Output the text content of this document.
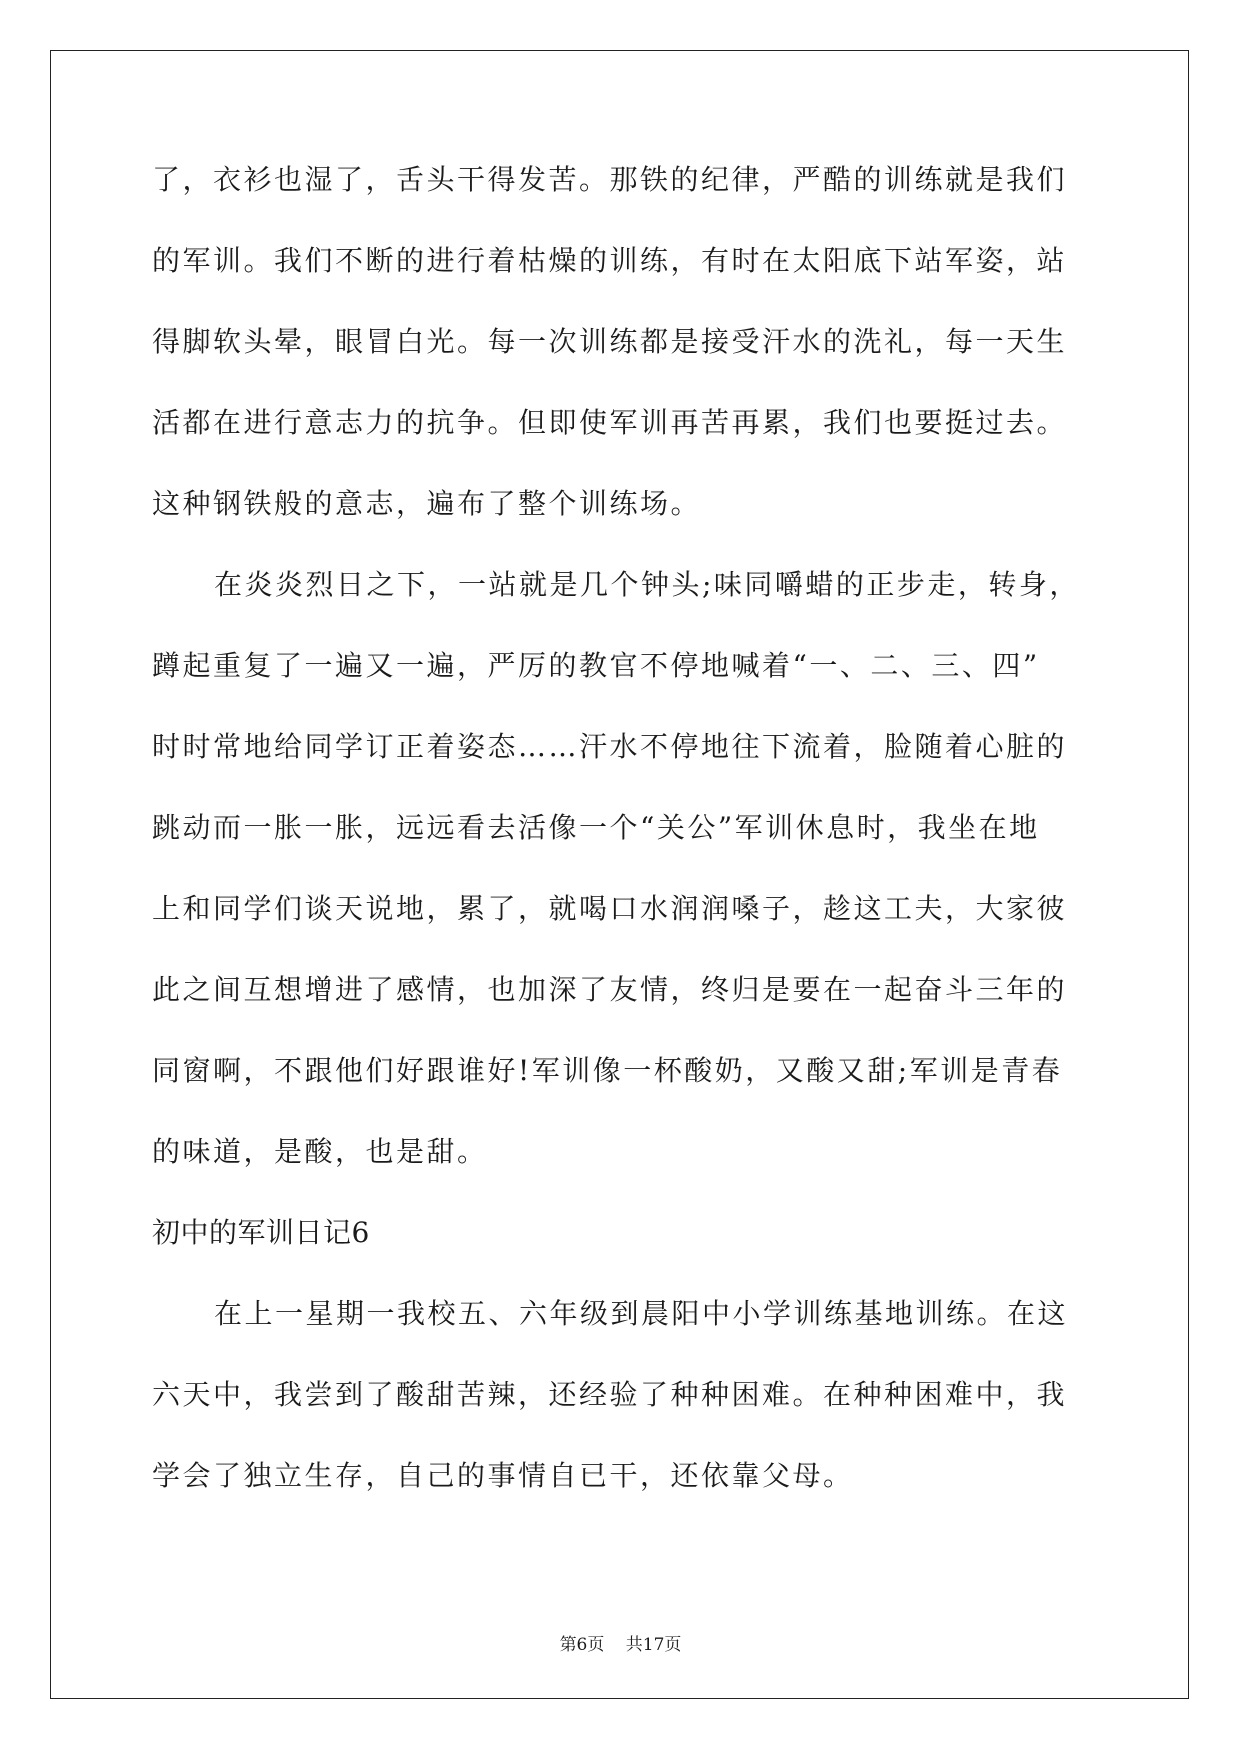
了，衣衫也湿了，舌头干得发苦。那铁的纪律，严酷的训练就是我们
的军训。我们不断的进行着枯燥的训练，有时在太阳底下站军姿，站
得脚软头晕，眼冒白光。每一次训练都是接受汗水的洗礼，每一天生
活都在进行意志力的抗争。但即使军训再苦再累，我们也要挺过去。
这种钢铁般的意志，遍布了整个训练场。
在炎炎烈日之下，一站就是几个钟头;味同嚼蜡的正步走，转身，
蹲起重复了一遍又一遍，严厉的教官不停地喊着“一、二、三、四”
时时常地给同学订正着姿态……汗水不停地往下流着，脸随着心脏的
跳动而一胀一胀，远远看去活像一个“关公”军训休息时，我坐在地
上和同学们谈天说地，累了，就喝口水润润嗓子，趁这工夫，大家彼
此之间互想增进了感情，也加深了友情，终归是要在一起奋斗三年的
同窗啊，不跟他们好跟谁好!军训像一杯酸奶，又酸又甜;军训是青春
的味道，是酸，也是甜。
初中的军训日记6
在上一星期一我校五、六年级到晨阳中小学训练基地训练。在这
六天中，我尝到了酸甜苦辣，还经验了种种困难。在种种困难中，我
学会了独立生存，自己的事情自已干，还依靠父母。
第6页 共17页
